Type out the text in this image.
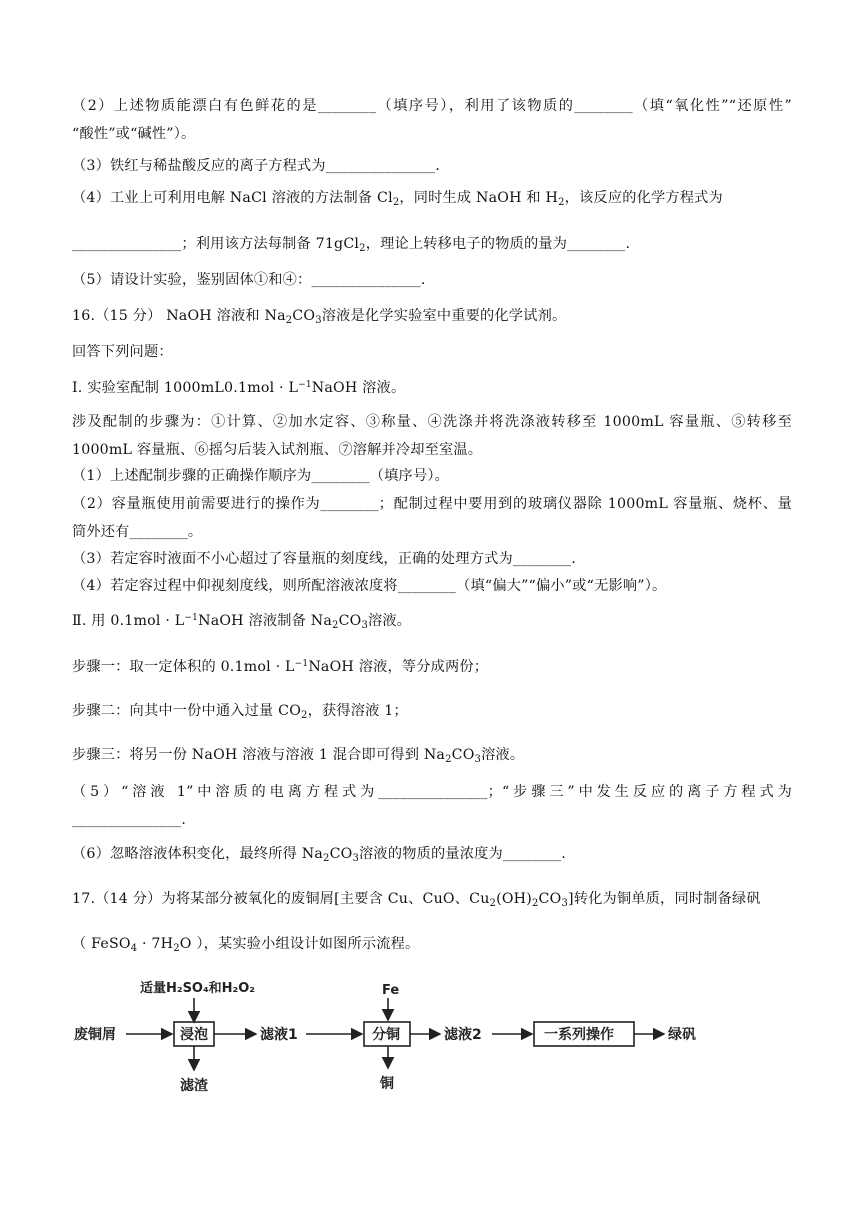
（2）上述物质能漂白有色鲜花的是________（填序号），利用了该物质的________（填“氧化性”“还原性”
“酸性”或“碱性”）。
（3）铁红与稀盐酸反应的离子方程式为_______________.
（4）工业上可利用电解 NaCl 溶液的方法制备 $Cl_2$，同时生成 NaOH 和 $H_2$，该反应的化学方程式为
_______________；利用该方法每制备 71gCl$_2$，理论上转移电子的物质的量为________.
（5）请设计实验，鉴别固体①和④：_______________.
16.（15 分） NaOH 溶液和 $Na_2CO_3$溶液是化学实验室中重要的化学试剂。
回答下列问题：
Ⅰ. 实验室配制 $1000mL0.1mol \cdot L^{-1}NaOH$ 溶液。
涉及配制的步骤为：①计算、②加水定容、③称量、④洗涤并将洗涤液转移至 1000mL 容量瓶、⑤转移至
1000mL 容量瓶、⑥摇匀后装入试剂瓶、⑦溶解并冷却至室温。
（1）上述配制步骤的正确操作顺序为________（填序号）。
（2）容量瓶使用前需要进行的操作为________；配制过程中要用到的玻璃仪器除 1000mL 容量瓶、烧杯、量
筒外还有________。
（3）若定容时液面不小心超过了容量瓶的刻度线，正确的处理方式为________.
（4）若定容过程中仰视刻度线，则所配溶液浓度将________（填“偏大”“偏小”或“无影响”）。
Ⅱ. 用 $0.1mol \cdot L^{-1}NaOH$ 溶液制备 $Na_2CO_3$溶液。
步骤一：取一定体积的 $0.1mol \cdot L^{-1}NaOH$ 溶液，等分成两份；
步骤二：向其中一份中通入过量 $CO_2$，获得溶液 1；
步骤三：将另一份 NaOH 溶液与溶液 1 混合即可得到 $Na_2CO_3$溶液。
（5）“溶液 1”中溶质的电离方程式为_______________；“步骤三”中发生反应的离子方程式为
_______________.
（6）忽略溶液体积变化，最终所得 $Na_2CO_3$溶液的物质的量浓度为________.
17.（14 分）为将某部分被氧化的废铜屑[主要含 Cu、CuO、$Cu_2(OH)_2CO_3$]转化为铜单质，同时制备绿矾
（ FeSO$_4$ · $7H_2O$ ），某实验小组设计如图所示流程。
适量H₂SO₄和H₂O₂
废铜屑	浸泡
滤渣
滤液1
Fe
分铜
铜
滤液2	一系列操作	绿矾
